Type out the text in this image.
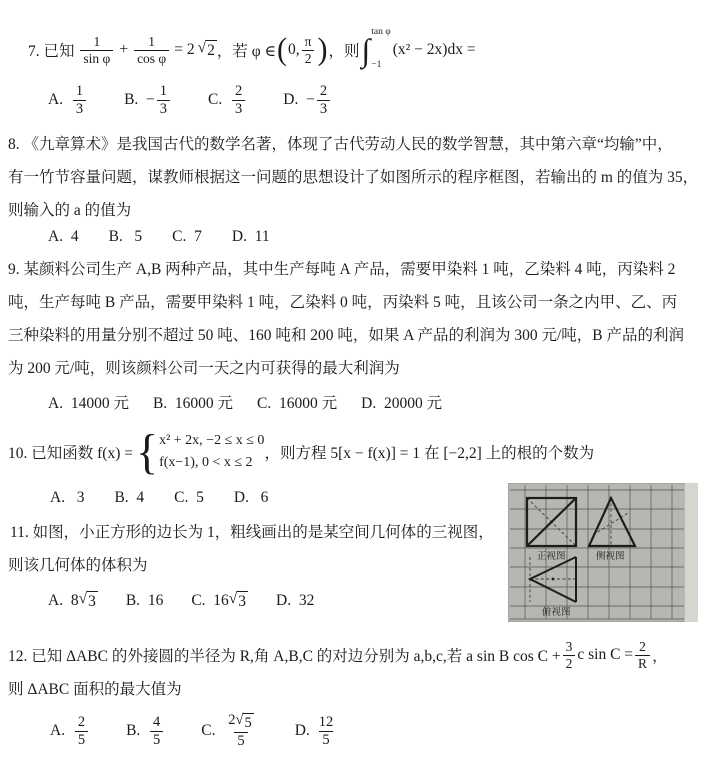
7. 已知 $\frac{1}{\text{sin φ}} + \frac{1}{\text{cos φ}} = 2$ √ 2 ，若 φ ∈ ( 0, $\frac{\pi}{2}$ ) ，则 ∫ tan φ
−1
(x² − 2x)dx =
A.
$\frac{1}{3} B$.
− $\frac{1}{3} C$.
$\frac{2}{3} D$.
− $\frac{2}{3}$
8. 《九章算术》是我国古代的数学名著，体现了古代劳动人民的数学智慧，其中第六章“均输”中，
有一竹节容量问题，谋教师根据这一问题的思想设计了如图所示的程序框图，若输出的 m 的值为 35，
则输入的 a 的值为
A.  4 B.   5 C.  7 D.  11
9. 某颜料公司生产 A,B 两种产品，其中生产每吨 A 产品，需要甲染料 1 吨，乙染料 4 吨，丙染料 2
吨，生产每吨 B 产品，需要甲染料 1 吨，乙染料 0 吨，丙染料 5 吨，且该公司一条之内甲、乙、丙
三种染料的用量分别不超过 50 吨、160 吨和 200 吨，如果 A 产品的利润为 300 元/吨，B 产品的利润
为 200 元/吨，则该颜料公司一天之内可获得的最大利润为
A.  14000 元 B.  16000 元 C.  16000 元 D.  20000 元
10. 已知函数 f(x) = { x² + 2x, −2 ≤ x ≤ 0
f(x−1), 0 < x ≤ 2
，则方程 5[x − f(x)] = 1 在 [−2,2] 上的根的个数为
A.   3 B.  4 C.  5 D.   6
11. 如图，小正方形的边长为 1，粗线画出的是某空间几何体的三视图，
则该几何体的体积为
A.
8 √ 3 B.
16 C.
16 √ 3 D.
32
正视图	侧视图
俯视图
12. 已知 ΔABC 的外接圆的半径为 R,角 A,B,C 的对边分别为 a,b,c,若 a sin B $\cos C + \frac{3}{2}$ c $\sin C = \frac{2}{R}$ ，
则 ΔABC 面积的最大值为
A.
$\frac{2}{5} B$.
$\frac{4}{5} C$.
$\frac{2 √ 5}{5} D$.
$\frac{12}{5}$
